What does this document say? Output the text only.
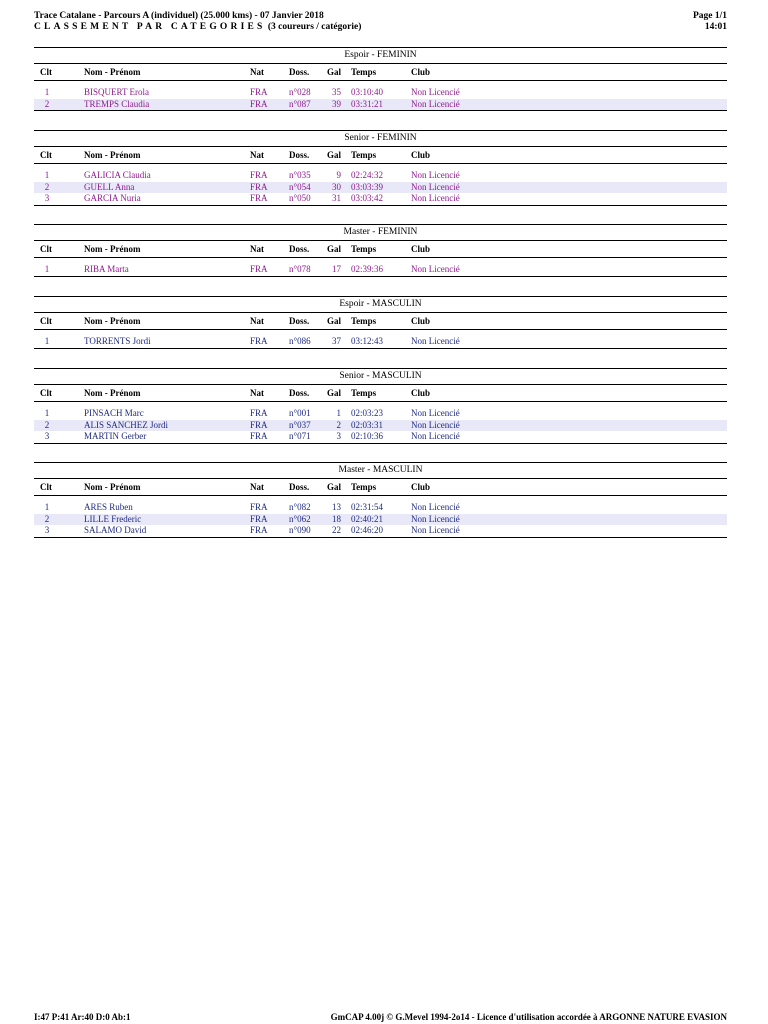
Trace Catalane - Parcours A (individuel) (25.000 kms) - 07 Janvier 2018
CLASSEMENT PAR CATEGORIES (3 coureurs / catégorie)
Page 1/1
14:01
Espoir - FEMININ
Clt	Nom - Prénom	Nat	Doss. Gal Temps	Club
1	BISQUERT Erola	FRA n°028	35 03:10:40	Non Licencié
2	TREMPS Claudia	FRA n°087	39 03:31:21	Non Licencié
Senior - FEMININ
Clt	Nom - Prénom	Nat	Doss. Gal Temps	Club
1	GALICIA Claudia	FRA n°035	9 02:24:32	Non Licencié
2	GUELL Anna	FRA n°054	30 03:03:39	Non Licencié
3	GARCIA Nuria	FRA n°050	31 03:03:42	Non Licencié
Master - FEMININ
Clt	Nom - Prénom	Nat	Doss. Gal Temps	Club
1	RIBA Marta	FRA n°078	17 02:39:36	Non Licencié
Espoir - MASCULIN
Clt	Nom - Prénom	Nat	Doss. Gal Temps	Club
1	TORRENTS Jordi	FRA n°086	37 03:12:43	Non Licencié
Senior - MASCULIN
Clt	Nom - Prénom	Nat	Doss. Gal Temps	Club
1	PINSACH Marc	FRA n°001	1 02:03:23	Non Licencié
2	ALIS SANCHEZ Jordi	FRA n°037	2 02:03:31	Non Licencié
3	MARTIN Gerber	FRA n°071	3 02:10:36	Non Licencié
Master - MASCULIN
Clt	Nom - Prénom	Nat	Doss. Gal Temps	Club
1	ARES Ruben	FRA n°082	13 02:31:54	Non Licencié
2	LILLE Frederic	FRA n°062	18 02:40:21	Non Licencié
3	SALAMO David	FRA n°090	22 02:46:20	Non Licencié
I:47 P:41 Ar:40 D:0 Ab:1	GmCAP 4.00j © G.Mevel 1994-2o14 - Licence d'utilisation accordée à ARGONNE NATURE EVASION
